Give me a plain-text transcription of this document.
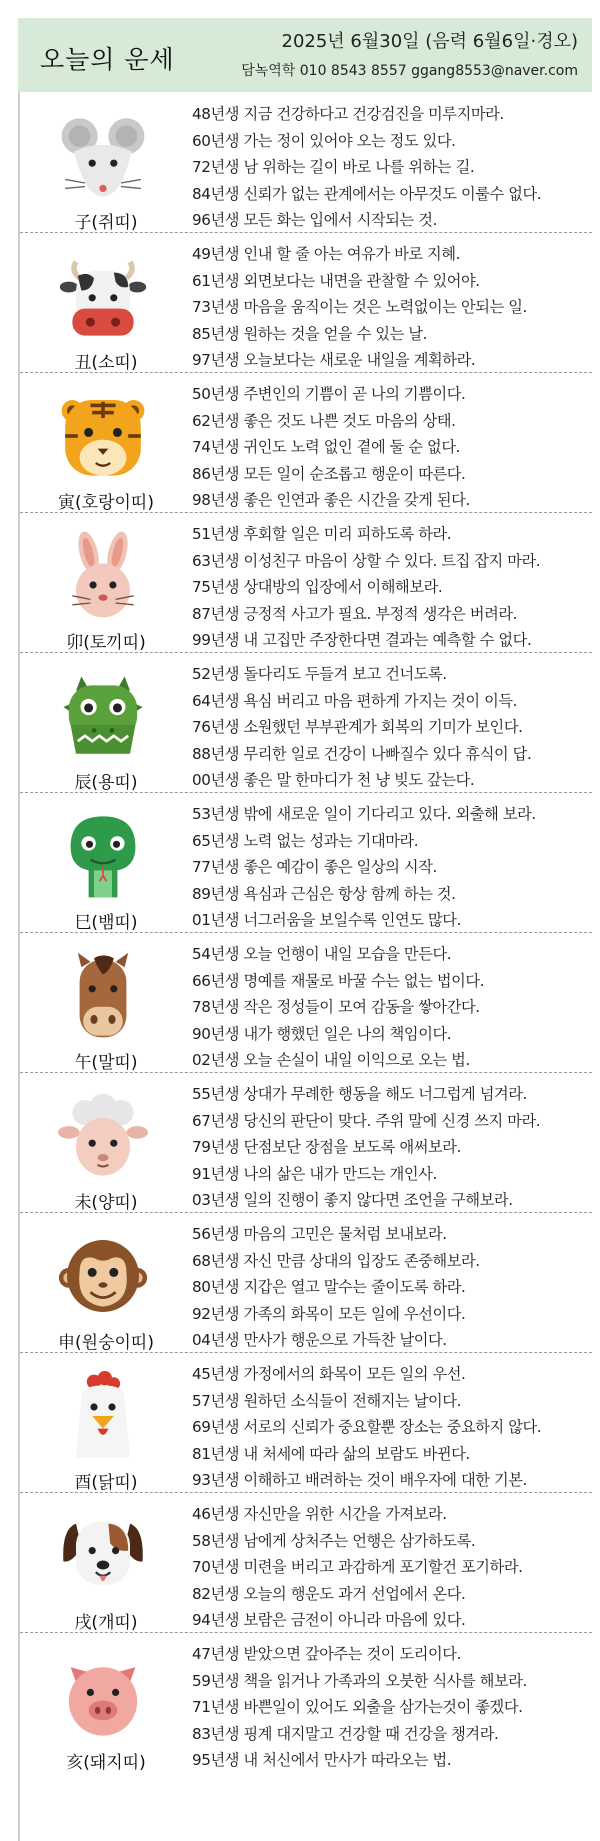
오늘의 운세
2025년 6월30일 (음력 6월6일·경오)
담녹역학 010 8543 8557 ggang8553@naver.com
子(쥐띠)
48년생 지금 건강하다고 건강검진을 미루지마라.
60년생 가는 정이 있어야 오는 정도 있다.
72년생 남 위하는 길이 바로 나를 위하는 길.
84년생 신뢰가 없는 관계에서는 아무것도 이룰수 없다.
96년생 모든 화는 입에서 시작되는 것.
丑(소띠)
49년생 인내 할 줄 아는 여유가 바로 지혜.
61년생 외면보다는 내면을 관찰할 수 있어야.
73년생 마음을 움직이는 것은 노력없이는 안되는 일.
85년생 원하는 것을 얻을 수 있는 날.
97년생 오늘보다는 새로운 내일을 계획하라.
寅(호랑이띠)
50년생 주변인의 기쁨이 곧 나의 기쁨이다.
62년생 좋은 것도 나쁜 것도 마음의 상태.
74년생 귀인도 노력 없인 곁에 둘 순 없다.
86년생 모든 일이 순조롭고 행운이 따른다.
98년생 좋은 인연과 좋은 시간을 갖게 된다.
卯(토끼띠)
51년생 후회할 일은 미리 피하도록 하라.
63년생 이성친구 마음이 상할 수 있다. 트집 잡지 마라.
75년생 상대방의 입장에서 이해해보라.
87년생 긍정적 사고가 필요. 부정적 생각은 버려라.
99년생 내 고집만 주장한다면 결과는 예측할 수 없다.
辰(용띠)
52년생 돌다리도 두들겨 보고 건너도록.
64년생 욕심 버리고 마음 편하게 가지는 것이 이득.
76년생 소원했던 부부관계가 회복의 기미가 보인다.
88년생 무리한 일로 건강이 나빠질수 있다 휴식이 답.
00년생 좋은 말 한마디가 천 냥 빚도 갚는다.
巳(뱀띠)
53년생 밖에 새로운 일이 기다리고 있다. 외출해 보라.
65년생 노력 없는 성과는 기대마라.
77년생 좋은 예감이 좋은 일상의 시작.
89년생 욕심과 근심은 항상 함께 하는 것.
01년생 너그러움을 보일수록 인연도 많다.
午(말띠)
54년생 오늘 언행이 내일 모습을 만든다.
66년생 명예를 재물로 바꿀 수는 없는 법이다.
78년생 작은 정성들이 모여 감동을 쌓아간다.
90년생 내가 행했던 일은 나의 책임이다.
02년생 오늘 손실이 내일 이익으로 오는 법.
未(양띠)
55년생 상대가 무례한 행동을 해도 너그럽게 넘겨라.
67년생 당신의 판단이 맞다. 주위 말에 신경 쓰지 마라.
79년생 단점보단 장점을 보도록 애써보라.
91년생 나의 삶은 내가 만드는 개인사.
03년생 일의 진행이 좋지 않다면 조언을 구해보라.
申(원숭이띠)
56년생 마음의 고민은 물처럼 보내보라.
68년생 자신 만큼 상대의 입장도 존중해보라.
80년생 지갑은 열고 말수는 줄이도록 하라.
92년생 가족의 화목이 모든 일에 우선이다.
04년생 만사가 행운으로 가득찬 날이다.
酉(닭띠)
45년생 가정에서의 화목이 모든 일의 우선.
57년생 원하던 소식들이 전해지는 날이다.
69년생 서로의 신뢰가 중요할뿐 장소는 중요하지 않다.
81년생 내 처세에 따라 삶의 보람도 바뀐다.
93년생 이해하고 배려하는 것이 배우자에 대한 기본.
戌(개띠)
46년생 자신만을 위한 시간을 가져보라.
58년생 남에게 상처주는 언행은 삼가하도록.
70년생 미련을 버리고 과감하게 포기할건 포기하라.
82년생 오늘의 행운도 과거 선업에서 온다.
94년생 보람은 금전이 아니라 마음에 있다.
亥(돼지띠)
47년생 받았으면 갚아주는 것이 도리이다.
59년생 책을 읽거나 가족과의 오붓한 식사를 해보라.
71년생 바쁜일이 있어도 외출을 삼가는것이 좋겠다.
83년생 핑계 대지말고 건강할 때 건강을 챙겨라.
95년생 내 처신에서 만사가 따라오는 법.
